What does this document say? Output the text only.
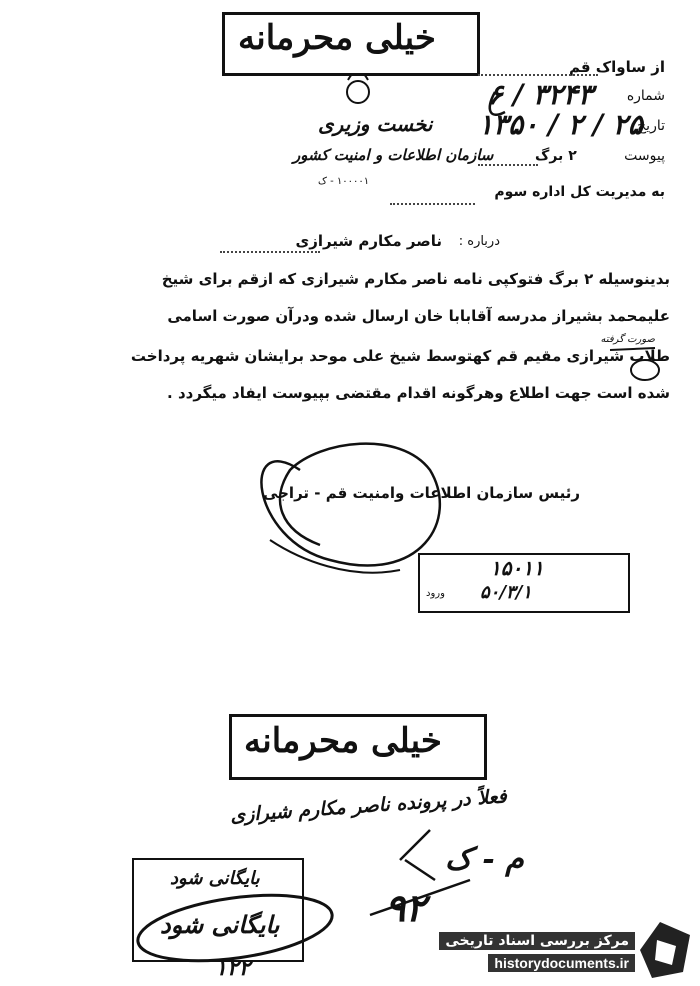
خیلی محرمانه
نخست وزیری
سازمان اطلاعات و امنیت کشور
۱۰۰۰۰۱ - ک
از ساواک قم
شماره
۳۲۴۳ / ۶
تاریخ
۲۵ / ۲ / ۱۳۵۰
پیوست
۲ برگ
به مدیریت کل اداره سوم
درباره :
ناصر مکارم شیرازی
بدینوسیله ۲ برگ فتوکپی نامه ناصر مکارم شیرازی که ازقم برای شیخ
علیمحمد بشیراز مدرسه آقابابا خان ارسال شده ودرآن صورت اسامی
صورت گرفته
طلاب شیرازی مقیم قم کهتوسط شیخ علی موحد برایشان شهریه پرداخت
شده است جهت اطلاع وهرگونه اقدام مقتضی بپیوست ایفاد میگردد .
رئیس سازمان اطلاعات وامنیت قم - تراجی
۱۵۰۱۱
۵۰/۳/۱
ورود
خیلی محرمانه
فعلاً در پرونده ناصر مکارم شیرازی
م - ک
۹۲
بایگانی شود
بایگانی شود
۱۲۲
مرکز بررسی اسناد تاریخی
historydocuments.ir
